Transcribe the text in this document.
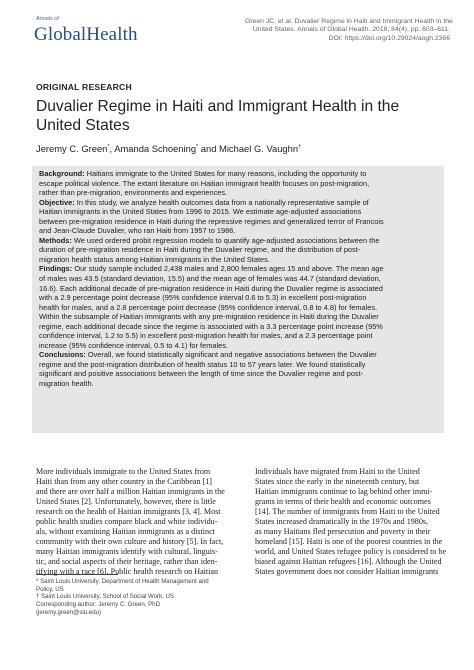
Annals of
GlobalHealth
Green JC, et al. Duvalier Regime in Haiti and Immigrant Health in the
United States. Annals of Global Health. 2018; 84(4), pp. 603–611.
DOI: https://doi.org/10.29024/aogh.2366
ORIGINAL RESEARCH
Duvalier Regime in Haiti and Immigrant Health in the
United States
Jeremy C. Green*, Amanda Schoening* and Michael G. Vaughn†
Background: Haitians immigrate to the United States for many reasons, including the opportunity to
escape political violence. The extant literature on Haitian immigrant health focuses on post-migration,
rather than pre-migration, environments and experiences.
Objective: In this study, we analyze health outcomes data from a nationally representative sample of
Haitian immigrants in the United States from 1996 to 2015. We estimate age-adjusted associations
between pre-migration residence in Haiti during the repressive regimes and generalized terror of Francois
and Jean-Claude Duvalier, who ran Haiti from 1957 to 1986.
Methods: We used ordered probit regression models to quantify age-adjusted associations between the
duration of pre-migration residence in Haiti during the Duvalier regime, and the distribution of post-
migration health status among Haitian immigrants in the United States.
Findings: Our study sample included 2,438 males and 2,800 females ages 15 and above. The mean age
of males was 43.5 (standard deviation, 15.5) and the mean age of females was 44.7 (standard deviation,
16.6). Each additional decade of pre-migration residence in Haiti during the Duvalier regime is associated
with a 2.9 percentage point decrease (95% confidence interval 0.6 to 5.3) in excellent post-migration
health for males, and a 2.8 percentage point decrease (95% confidence interval, 0.8 to 4.8) for females.
Within the subsample of Haitian immigrants with any pre-migration residence in Haiti during the Duvalier
regime, each additional decade since the regime is associated with a 3.3 percentage point increase (95%
confidence interval, 1.2 to 5.5) in excellent post-migration health for males, and a 2.3 percentage point
increase (95% confidence interval, 0.5 to 4.1) for females.
Conclusions: Overall, we found statistically significant and negative associations between the Duvalier
regime and the post-migration distribution of health status 10 to 57 years later. We found statistically
significant and positive associations between the length of time since the Duvalier regime and post-
migration health.
More individuals immigrate to the United States from
Haiti than from any other country in the Caribbean [1]
and there are over half a million Haitian immigrants in the
United States [2]. Unfortunately, however, there is little
research on the health of Haitian immigrants [3, 4]. Most
public health studies compare black and white individu-
als, without examining Haitian immigrants as a distinct
community with their own culture and history [5]. In fact,
many Haitian immigrants identify with cultural, linguis-
tic, and social aspects of their heritage, rather than iden-
tifying with a race [6]. Public health research on Haitian
Individuals have migrated from Haiti to the United
States since the early in the nineteenth century, but
Haitian immigrants continue to lag behind other immi-
grants in terms of their health and economic outcomes
[14]. The number of immigrants from Haiti to the United
States increased dramatically in the 1970s and 1980s,
as many Haitians fled persecution and poverty in their
homeland [15]. Haiti is one of the poorest countries in the
world, and United States refugee policy is considered to be
biased against Haitian refugees [16]. Although the United
States government does not consider Haitian immigrants
* Saint Louis University, Department of Health Management and
Policy, US
† Saint Louis University, School of Social Work, US
Corresponding author: Jeremy C. Green, PhD
(jeremy.green@slu.edu)
